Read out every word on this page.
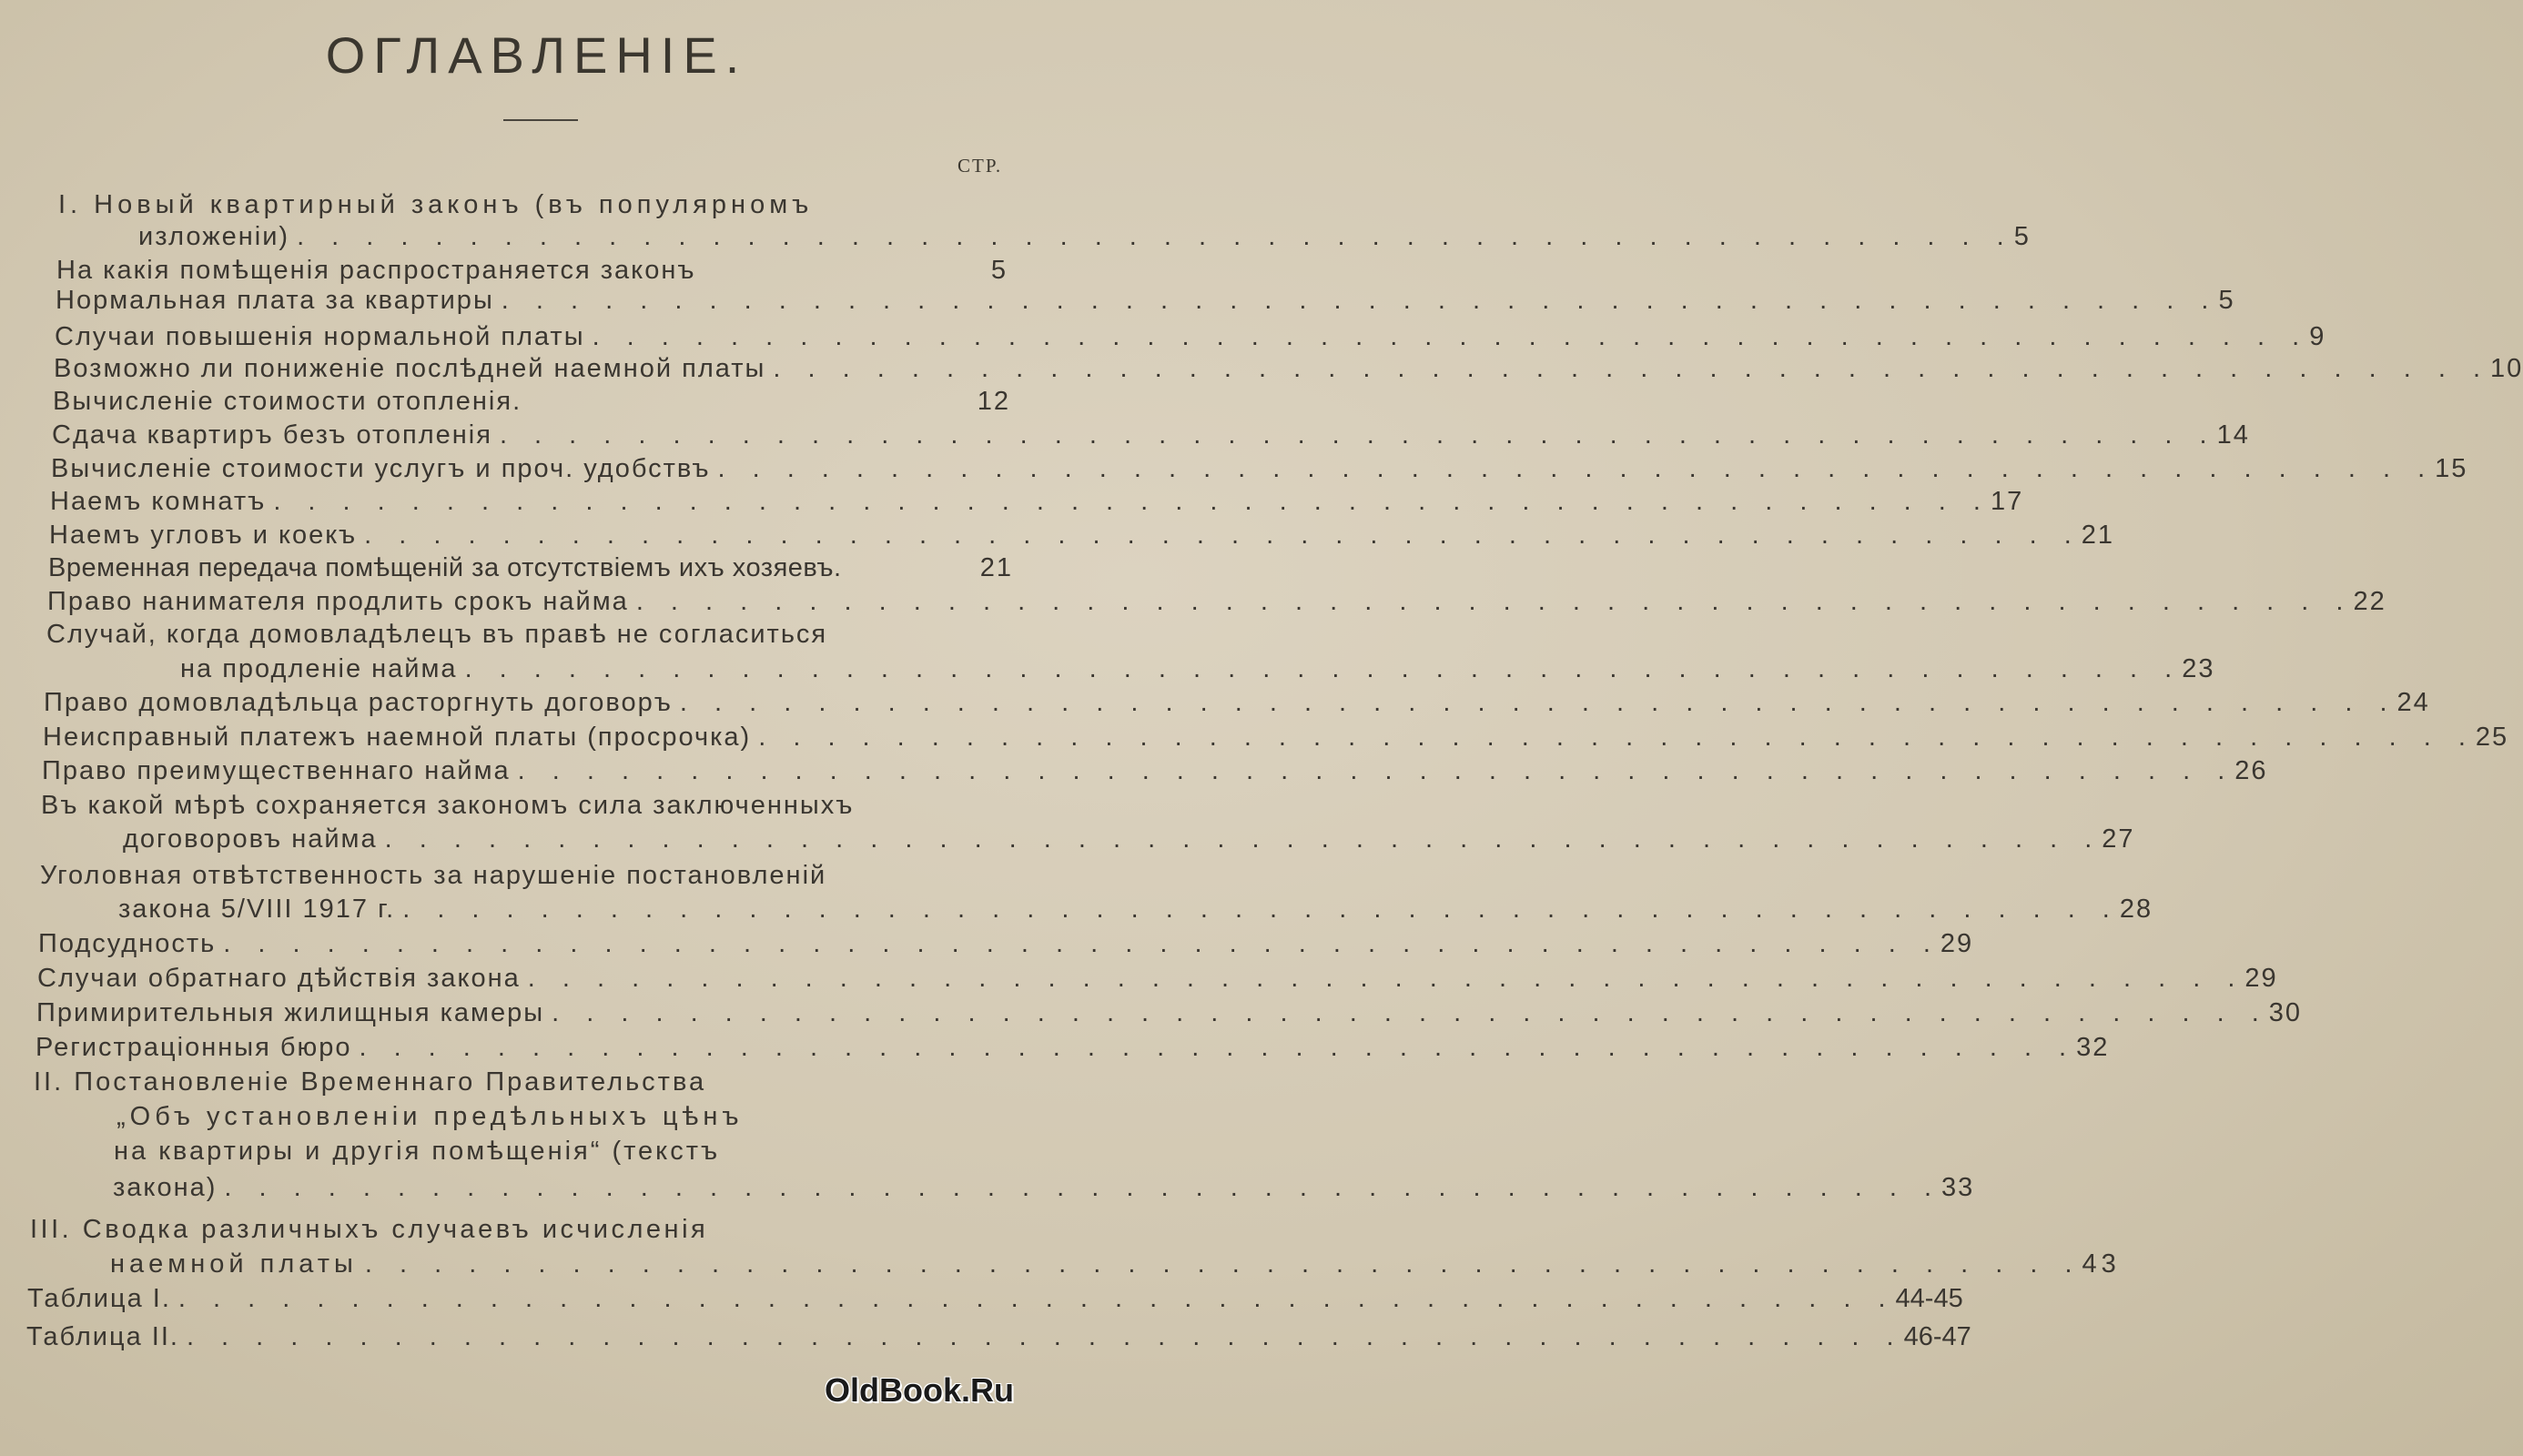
ОГЛАВЛЕНIЕ.
СТР.
I. Новый квартирный законъ (въ популярномъ
изложенiи) . . . . . . . . . . . . . . . . . . . . . . . . . . . . . . . . . . . . . . . . . . . . . . . . . . 5
На какiя помѣщенiя распространяется законъ	5
Нормальная плата за квартиры . . . . . . . . . . . . . . . . . . . . . . . . . . . . . . . . . . . . . . . . . . . . . . . . . . 5
Случаи повышенiя нормальной платы . . . . . . . . . . . . . . . . . . . . . . . . . . . . . . . . . . . . . . . . . . . . . . . . . . 9
Возможно ли пониженiе послѣдней наемной платы . . . . . . . . . . . . . . . . . . . . . . . . . . . . . . . . . . . . . . . . . . . . . . . . . . 10
Вычисленiе стоимости отопленiя.	12
Сдача квартиръ безъ отопленiя . . . . . . . . . . . . . . . . . . . . . . . . . . . . . . . . . . . . . . . . . . . . . . . . . . 14
Вычисленiе стоимости услугъ и проч. удобствъ . . . . . . . . . . . . . . . . . . . . . . . . . . . . . . . . . . . . . . . . . . . . . . . . . . 15
Наемъ комнатъ . . . . . . . . . . . . . . . . . . . . . . . . . . . . . . . . . . . . . . . . . . . . . . . . . . 17
Наемъ угловъ и коекъ . . . . . . . . . . . . . . . . . . . . . . . . . . . . . . . . . . . . . . . . . . . . . . . . . . 21
Временная передача помѣщенiй за отсутствiемъ ихъ хозяевъ.	21
Право нанимателя продлить срокъ найма . . . . . . . . . . . . . . . . . . . . . . . . . . . . . . . . . . . . . . . . . . . . . . . . . . 22
Случай, когда домовладѣлецъ въ правѣ не согласиться
на продленiе найма . . . . . . . . . . . . . . . . . . . . . . . . . . . . . . . . . . . . . . . . . . . . . . . . . . 23
Право домовладѣльца расторгнуть договоръ . . . . . . . . . . . . . . . . . . . . . . . . . . . . . . . . . . . . . . . . . . . . . . . . . . 24
Неисправный платежъ наемной платы (просрочка) . . . . . . . . . . . . . . . . . . . . . . . . . . . . . . . . . . . . . . . . . . . . . . . . . . 25
Право преимущественнаго найма . . . . . . . . . . . . . . . . . . . . . . . . . . . . . . . . . . . . . . . . . . . . . . . . . . 26
Въ какой мѣрѣ сохраняется закономъ сила заключенныхъ
договоровъ найма . . . . . . . . . . . . . . . . . . . . . . . . . . . . . . . . . . . . . . . . . . . . . . . . . . 27
Уголовная отвѣтственность за нарушенiе постановленiй
закона 5/VIII 1917 г. . . . . . . . . . . . . . . . . . . . . . . . . . . . . . . . . . . . . . . . . . . . . . . . . . . 28
Подсудность . . . . . . . . . . . . . . . . . . . . . . . . . . . . . . . . . . . . . . . . . . . . . . . . . . 29
Случаи обратнаго дѣйствiя закона . . . . . . . . . . . . . . . . . . . . . . . . . . . . . . . . . . . . . . . . . . . . . . . . . . 29
Примирительныя жилищныя камеры . . . . . . . . . . . . . . . . . . . . . . . . . . . . . . . . . . . . . . . . . . . . . . . . . . 30
Регистрацiонныя бюро . . . . . . . . . . . . . . . . . . . . . . . . . . . . . . . . . . . . . . . . . . . . . . . . . . 32
II. Постановленiе Временнаго Правительства
„Объ установленiи предѣльныхъ цѣнъ
на квартиры и другiя помѣщенiя“ (текстъ
закона) . . . . . . . . . . . . . . . . . . . . . . . . . . . . . . . . . . . . . . . . . . . . . . . . . . 33
III. Сводка различныхъ случаевъ исчисленiя
наемной платы . . . . . . . . . . . . . . . . . . . . . . . . . . . . . . . . . . . . . . . . . . . . . . . . . . 43
Таблица I. . . . . . . . . . . . . . . . . . . . . . . . . . . . . . . . . . . . . . . . . . . . . . . . . . . 44-45
Таблица II. . . . . . . . . . . . . . . . . . . . . . . . . . . . . . . . . . . . . . . . . . . . . . . . . . . 46-47
OldBook.Ru
